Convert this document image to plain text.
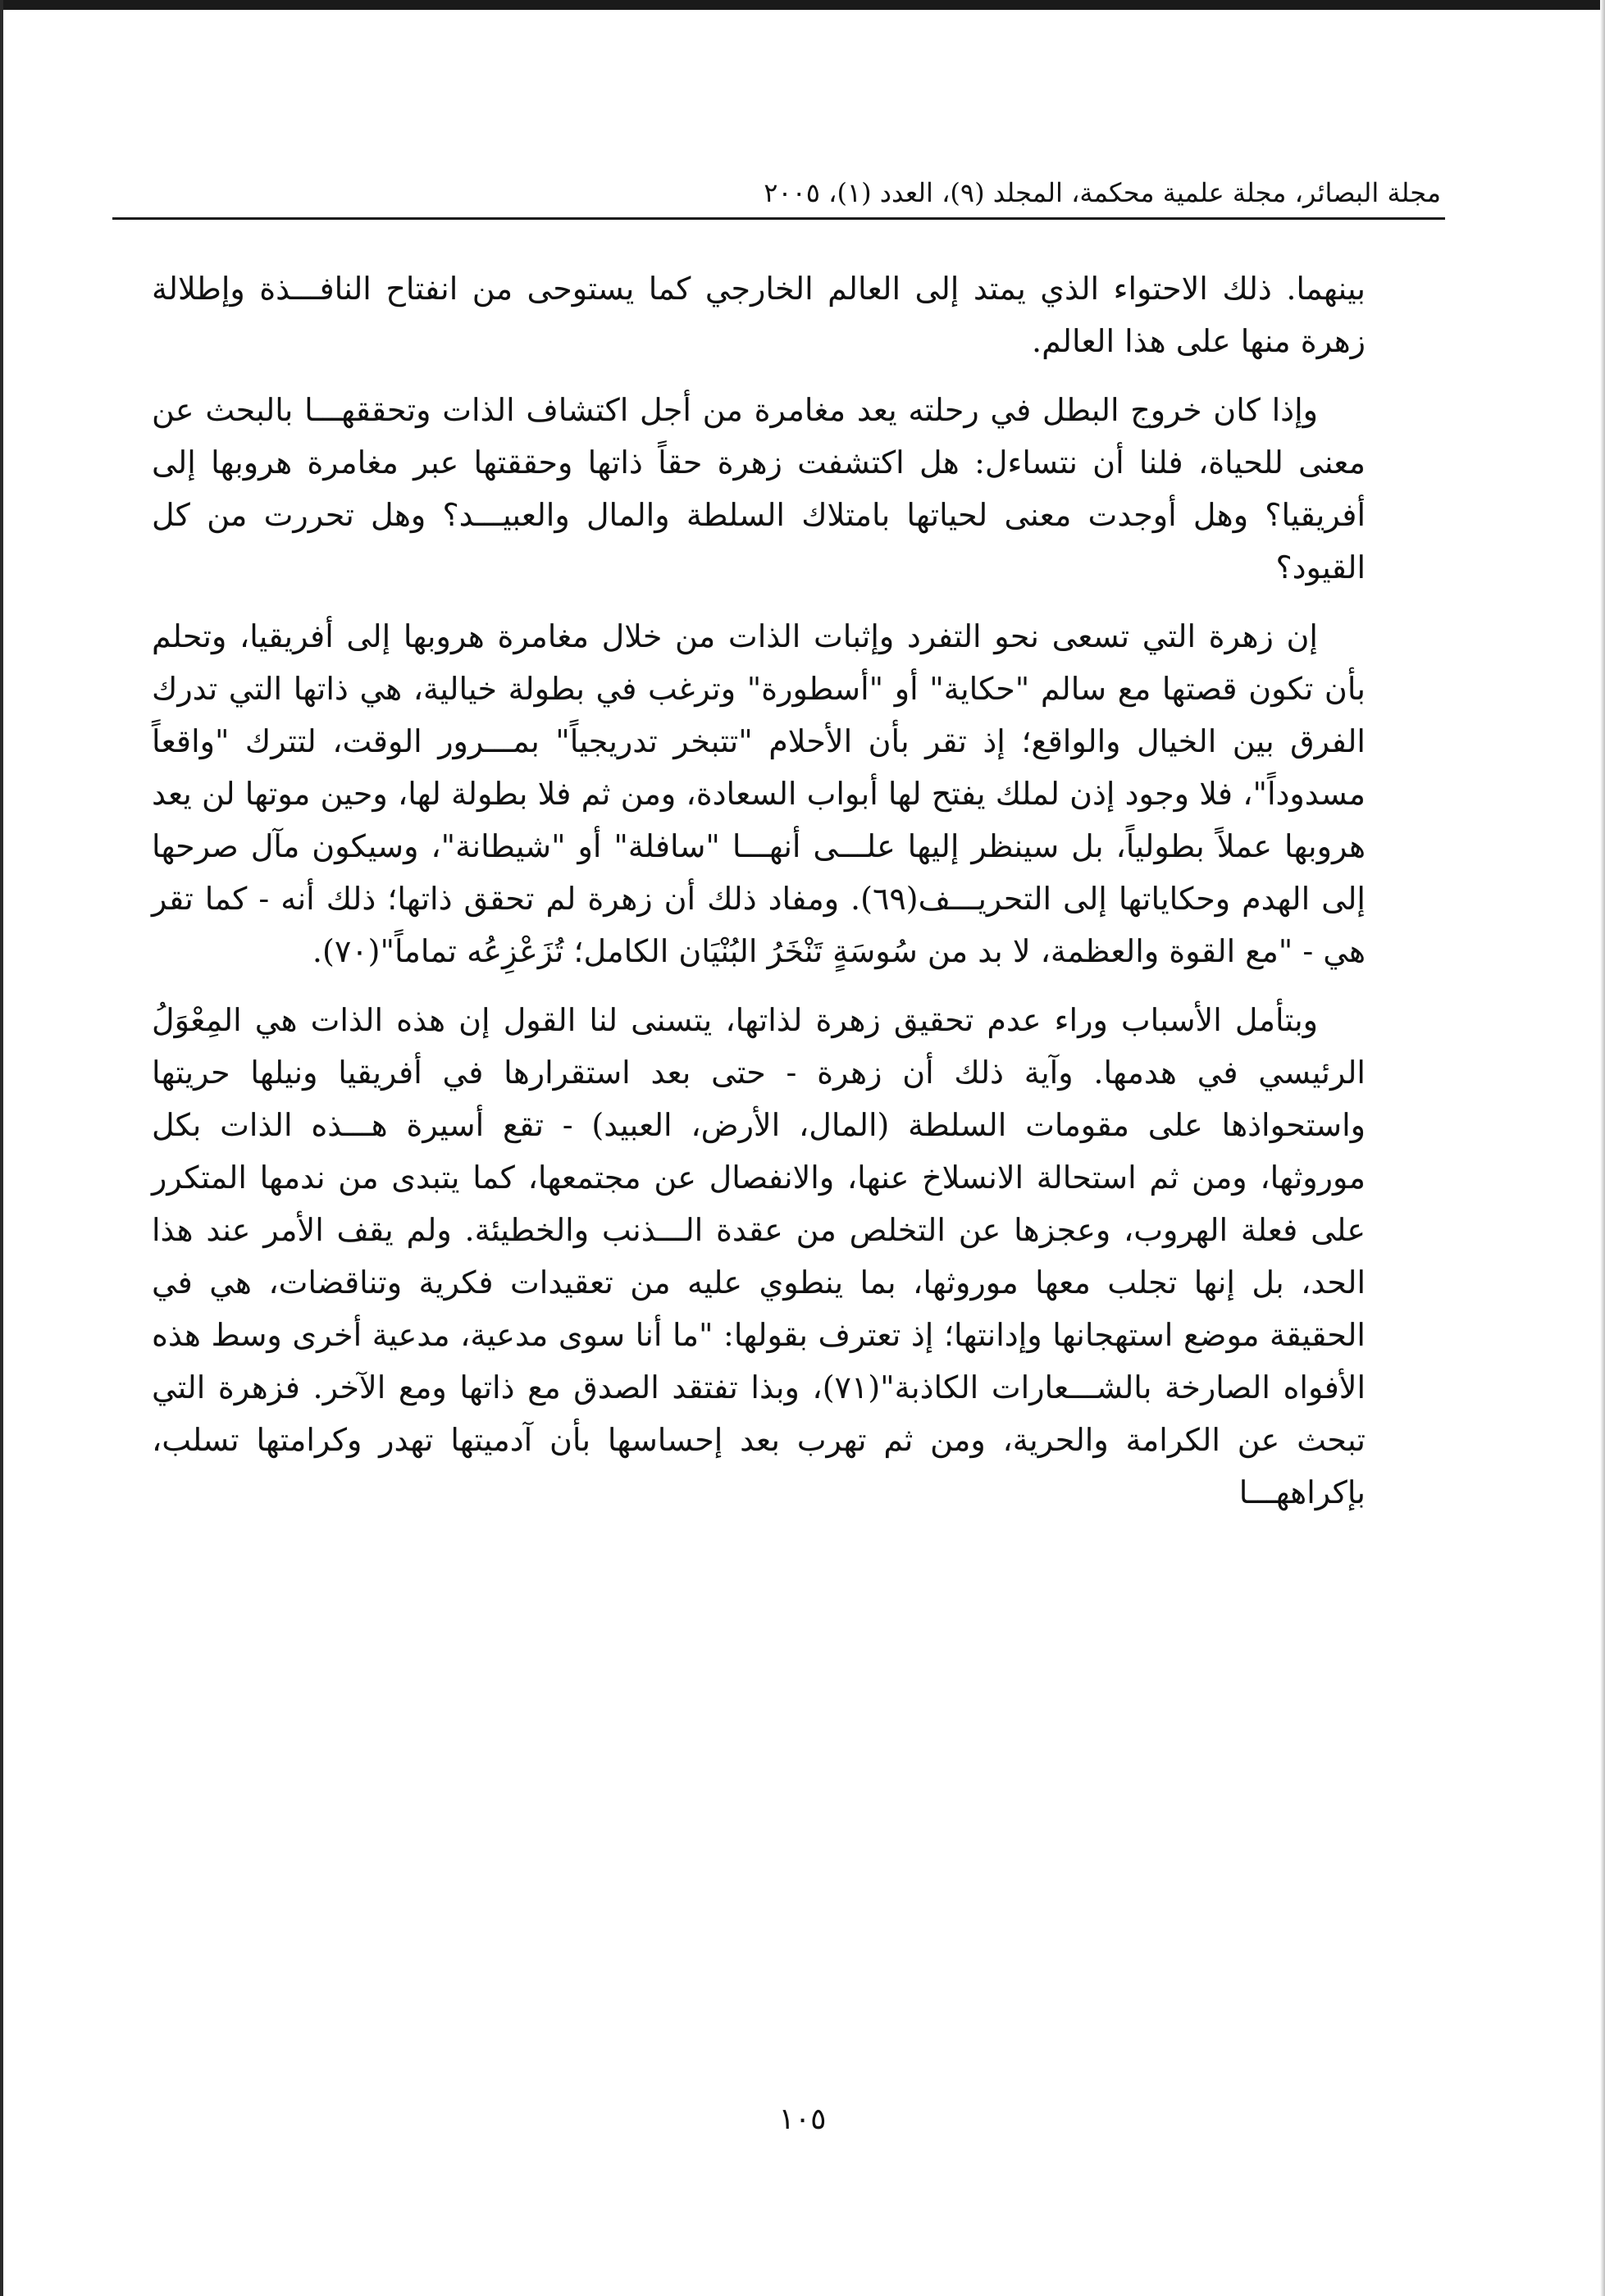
مجلة البصائر، مجلة علمية محكمة، المجلد (٩)، العدد (١)، ٢٠٠٥

بينهما. ذلك الاحتواء الذي يمتد إلى العالم الخارجي كما يستوحى من انفتاح النافـــذة وإطلالة زهرة منها على هذا العالم.

وإذا كان خروج البطل في رحلته يعد مغامرة من أجل اكتشاف الذات وتحققهـــا بالبحث عن معنى للحياة، فلنا أن نتساءل: هل اكتشفت زهرة حقاً ذاتها وحققتها عبر مغامرة هروبها إلى أفريقيا؟ وهل أوجدت معنى لحياتها بامتلاك السلطة والمال والعبيـــد؟ وهل تحررت من كل القيود؟

إن زهرة التي تسعى نحو التفرد وإثبات الذات من خلال مغامرة هروبها إلى أفريقيا، وتحلم بأن تكون قصتها مع سالم "حكاية" أو "أسطورة" وترغب في بطولة خيالية، هي ذاتها التي تدرك الفرق بين الخيال والواقع؛ إذ تقر بأن الأحلام "تتبخر تدريجياً" بمـــرور الوقت، لتترك "واقعاً مسدوداً"، فلا وجود إذن لملك يفتح لها أبواب السعادة، ومن ثم فلا بطولة لها، وحين موتها لن يعد هروبها عملاً بطولياً، بل سينظر إليها علـــى أنهـــا "سافلة" أو "شيطانة"، وسيكون مآل صرحها إلى الهدم وحكاياتها إلى التحريـــف(٦٩). ومفاد ذلك أن زهرة لم تحقق ذاتها؛ ذلك أنه - كما تقر هي - "مع القوة والعظمة، لا بد من سُوسَةٍ تَنْخَرُ البُنْيَان الكامل؛ تُزَعْزِعُه تماماً"(٧٠).

وبتأمل الأسباب وراء عدم تحقيق زهرة لذاتها، يتسنى لنا القول إن هذه الذات هي المِعْوَلُ الرئيسي في هدمها. وآية ذلك أن زهرة - حتى بعد استقرارها في أفريقيا ونيلها حريتها واستحواذها على مقومات السلطة (المال، الأرض، العبيد) - تقع أسيرة هـــذه الذات بكل موروثها، ومن ثم استحالة الانسلاخ عنها، والانفصال عن مجتمعها، كما يتبدى من ندمها المتكرر على فعلة الهروب، وعجزها عن التخلص من عقدة الـــذنب والخطيئة. ولم يقف الأمر عند هذا الحد، بل إنها تجلب معها موروثها، بما ينطوي عليه من تعقيدات فكرية وتناقضات، هي في الحقيقة موضع استهجانها وإدانتها؛ إذ تعترف بقولها: "ما أنا سوى مدعية، مدعية أخرى وسط هذه الأفواه الصارخة بالشـــعارات الكاذبة"(٧١)، وبذا تفتقد الصدق مع ذاتها ومع الآخر. فزهرة التي تبحث عن الكرامة والحرية، ومن ثم تهرب بعد إحساسها بأن آدميتها تهدر وكرامتها تسلب، بإكراههـــا

١٠٥
